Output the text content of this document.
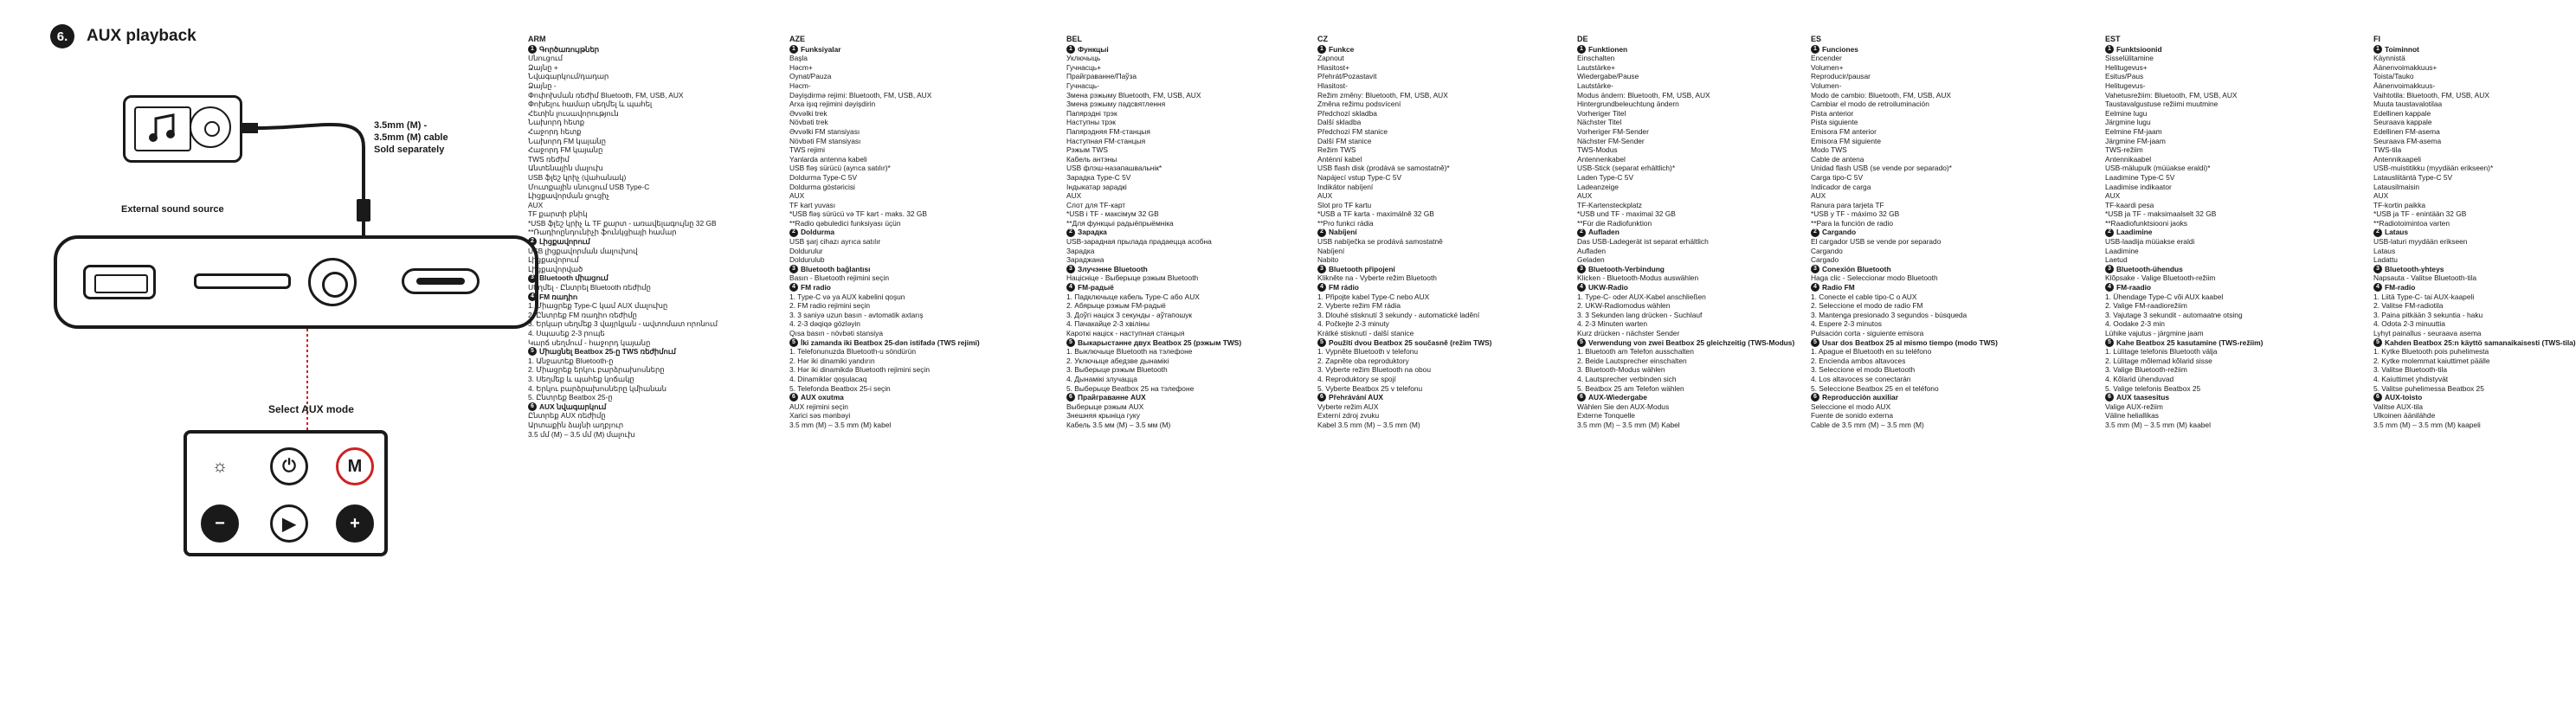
6.	AUX playback
External sound source
3.5mm (M) -
3.5mm (M) cable
Sold separately
Select AUX mode
☼	⏻	M
−	▶	+
ARM
1 Գործառույթներ
Սնուցում
Ձայնը +
Նվագարկում/դադար
Ձայնը -
Փոփոխման ռեժիմ Bluetooth, FM, USB, AUX
Փոխելու համար սեղմել և պահել
Հետին լուսավորություն
Նախորդ հետք
Հաջորդ հետք
Նախորդ FM կայանը
Հաջորդ FM կայանը
TWS ռեժիմ
Անտենային մալուխ
USB ֆլեշ կրիչ (վահանակ)
Մուտքային սնուցում USB Type-C
Լիցքավորման ցուցիչ
AUX
TF քարտի բնիկ
*USB ֆլեշ կրիչ և TF քարտ - առավելագույնը 32 GB
**Ռադիոընդունիչի ֆունկցիայի համար
2 Լիցքավորում
USB լիցքավորման մալուխով
Լիցքավորում
Լիցքավորված
3 Bluetooth միացում
Սեղմել - Ընտրել Bluetooth ռեժիմը
4 FM ռադիո
1. Միացրեք Type-C կամ AUX մալուխը
2. Ընտրեք FM ռադիո ռեժիմը
3. Երկար սեղմեք 3 վայրկյան - ավտոմատ որոնում
4. Սպասեք 2-3 րոպե
Կարճ սեղմում - հաջորդ կայանը
5 Միացնել Beatbox 25-ը TWS ռեժիմում
1. Անջատեք Bluetooth-ը
2. Միացրեք երկու բարձրախոսները
3. Սեղմեք և պահեք կոճակը
4. Երկու բարձրախոսները կմիանան
5. Ընտրեք Beatbox 25-ը
6 AUX նվագարկում
Ընտրեք AUX ռեժիմը
Արտաքին ձայնի աղբյուր
3.5 մմ (M) – 3.5 մմ (M) մալուխ
AZE
1 Funksiyalar
Başla
Həcm+
Oynat/Pauza
Həcm-
Dəyişdirmə rejimi: Bluetooth, FM, USB, AUX
Arxa işıq rejimini dəyişdirin
Əvvəlki trek
Növbəti trek
Əvvəlki FM stansiyası
Növbəti FM stansiyası
TWS rejimi
Yanlarda antenna kabeli
USB fləş sürücü (ayrıca satılır)*
Doldurma Type-C 5V
Doldurma göstəricisi
AUX
TF kart yuvası
*USB fləş sürücü və TF kart - maks. 32 GB
**Radio qəbuledici funksiyası üçün
2 Doldurma
USB şarj cihazı ayrıca satılır
Doldurulur
Doldurulub
3 Bluetooth bağlantısı
Basın - Bluetooth rejimini seçin
4 FM radio
1. Type-C və ya AUX kabelini qoşun
2. FM radio rejimini seçin
3. 3 saniyə uzun basın - avtomatik axtarış
4. 2-3 dəqiqə gözləyin
Qısa basın - növbəti stansiya
5 İki zamanda iki Beatbox 25-dən istifadə (TWS rejimi)
1. Telefonunuzda Bluetooth-u söndürün
2. Hər iki dinamiki yandırın
3. Hər iki dinamikdə Bluetooth rejimini seçin
4. Dinamiklər qoşulacaq
5. Telefonda Beatbox 25-i seçin
6 AUX oxutma
AUX rejimini seçin
Xarici səs mənbəyi
3.5 mm (M) – 3.5 mm (M) kabel
BEL
1 Функцыі
Уключыць
Гучнасць+
Прайграванне/Паўза
Гучнасць-
Змена рэжыму Bluetooth, FM, USB, AUX
Змена рэжыму падсвятлення
Папярэдні трэк
Наступны трэк
Папярэдняя FM-станцыя
Наступная FM-станцыя
Рэжым TWS
Кабель антэны
USB флэш-назапашвальнік*
Зарадка Type-C 5V
Індыкатар зарадкі
AUX
Слот для TF-карт
*USB і TF - максімум 32 GB
**Для функцыі радыёпрыёмніка
2 Зарадка
USB-зарадная прылада прадаецца асобна
Зарадка
Зараджана
3 Злучэнне Bluetooth
Націсніце - Выберыце рэжым Bluetooth
4 FM-радыё
1. Падключыце кабель Type-C або AUX
2. Абярыце рэжым FM-радыё
3. Доўгі націск 3 секунды - аўтапошук
4. Пачакайце 2-3 хвіліны
Кароткі націск - наступная станцыя
5 Выкарыстанне двух Beatbox 25 (рэжым TWS)
1. Выключыце Bluetooth на тэлефоне
2. Уключыце абедзве дынамікі
3. Выберыце рэжым Bluetooth
4. Дынамікі злучацца
5. Выберыце Beatbox 25 на тэлефоне
6 Прайграванне AUX
Выберыце рэжым AUX
Знешняя крыніца гуку
Кабель 3.5 мм (M) – 3.5 мм (M)
CZ
1 Funkce
Zapnout
Hlasitost+
Přehrát/Pozastavit
Hlasitost-
Režim změny: Bluetooth, FM, USB, AUX
Změna režimu podsvícení
Předchozí skladba
Další skladba
Předchozí FM stanice
Další FM stanice
Režim TWS
Anténní kabel
USB flash disk (prodává se samostatně)*
Napájecí vstup Type-C 5V
Indikátor nabíjení
AUX
Slot pro TF kartu
*USB a TF karta - maximálně 32 GB
**Pro funkci rádia
2 Nabíjení
USB nabíječka se prodává samostatně
Nabíjení
Nabito
3 Bluetooth připojení
Klikněte na - Vyberte režim Bluetooth
4 FM rádio
1. Připojte kabel Type-C nebo AUX
2. Vyberte režim FM rádia
3. Dlouhé stisknutí 3 sekundy - automatické ladění
4. Počkejte 2-3 minuty
Krátké stisknutí - další stanice
5 Použití dvou Beatbox 25 současně (režim TWS)
1. Vypněte Bluetooth v telefonu
2. Zapněte oba reproduktory
3. Vyberte režim Bluetooth na obou
4. Reproduktory se spojí
5. Vyberte Beatbox 25 v telefonu
6 Přehrávání AUX
Vyberte režim AUX
Externí zdroj zvuku
Kabel 3.5 mm (M) – 3.5 mm (M)
DE
1 Funktionen
Einschalten
Lautstärke+
Wiedergabe/Pause
Lautstärke-
Modus ändern: Bluetooth, FM, USB, AUX
Hintergrundbeleuchtung ändern
Vorheriger Titel
Nächster Titel
Vorheriger FM-Sender
Nächster FM-Sender
TWS-Modus
Antennenkabel
USB-Stick (separat erhältlich)*
Laden Type-C 5V
Ladeanzeige
AUX
TF-Kartensteckplatz
*USB und TF - maximal 32 GB
**Für die Radiofunktion
2 Aufladen
Das USB-Ladegerät ist separat erhältlich
Aufladen
Geladen
3 Bluetooth-Verbindung
Klicken - Bluetooth-Modus auswählen
4 UKW-Radio
1. Type-C- oder AUX-Kabel anschließen
2. UKW-Radiomodus wählen
3. 3 Sekunden lang drücken - Suchlauf
4. 2-3 Minuten warten
Kurz drücken - nächster Sender
5 Verwendung von zwei Beatbox 25 gleichzeitig (TWS-Modus)
1. Bluetooth am Telefon ausschalten
2. Beide Lautsprecher einschalten
3. Bluetooth-Modus wählen
4. Lautsprecher verbinden sich
5. Beatbox 25 am Telefon wählen
6 AUX-Wiedergabe
Wählen Sie den AUX-Modus
Externe Tonquelle
3.5 mm (M) – 3.5 mm (M) Kabel
ES
1 Funciones
Encender
Volumen+
Reproducir/pausar
Volumen-
Modo de cambio: Bluetooth, FM, USB, AUX
Cambiar el modo de retroiluminación
Pista anterior
Pista siguiente
Emisora FM anterior
Emisora FM siguiente
Modo TWS
Cable de antena
Unidad flash USB (se vende por separado)*
Carga tipo-C 5V
Indicador de carga
AUX
Ranura para tarjeta TF
*USB y TF - máximo 32 GB
**Para la función de radio
2 Cargando
El cargador USB se vende por separado
Cargando
Cargado
3 Conexión Bluetooth
Haga clic - Seleccionar modo Bluetooth
4 Radio FM
1. Conecte el cable tipo-C o AUX
2. Seleccione el modo de radio FM
3. Mantenga presionado 3 segundos - búsqueda
4. Espere 2-3 minutos
Pulsación corta - siguiente emisora
5 Usar dos Beatbox 25 al mismo tiempo (modo TWS)
1. Apague el Bluetooth en su teléfono
2. Encienda ambos altavoces
3. Seleccione el modo Bluetooth
4. Los altavoces se conectarán
5. Seleccione Beatbox 25 en el teléfono
6 Reproducción auxiliar
Seleccione el modo AUX
Fuente de sonido externa
Cable de 3.5 mm (M) – 3.5 mm (M)
EST
1 Funktsioonid
Sisselülitamine
Helitugevus+
Esitus/Paus
Helitugevus-
Vahetusrežiim: Bluetooth, FM, USB, AUX
Taustavalgustuse režiimi muutmine
Eelmine lugu
Järgmine lugu
Eelmine FM-jaam
Järgmine FM-jaam
TWS-režiim
Antennikaabel
USB-mälupulk (müüakse eraldi)*
Laadimine Type-C 5V
Laadimise indikaator
AUX
TF-kaardi pesa
*USB ja TF - maksimaalselt 32 GB
**Raadiofunktsiooni jaoks
2 Laadimine
USB-laadija müüakse eraldi
Laadimine
Laetud
3 Bluetooth-ühendus
Klõpsake - Valige Bluetooth-režiim
4 FM-raadio
1. Ühendage Type-C või AUX kaabel
2. Valige FM-raadiorežiim
3. Vajutage 3 sekundit - automaatne otsing
4. Oodake 2-3 min
Lühike vajutus - järgmine jaam
5 Kahe Beatbox 25 kasutamine (TWS-režiim)
1. Lülitage telefonis Bluetooth välja
2. Lülitage mõlemad kõlarid sisse
3. Valige Bluetooth-režiim
4. Kõlarid ühenduvad
5. Valige telefonis Beatbox 25
6 AUX taasesitus
Valige AUX-režiim
Väline heliallikas
3.5 mm (M) – 3.5 mm (M) kaabel
FI
1 Toiminnot
Käynnistä
Äänenvoimakkuus+
Toista/Tauko
Äänenvoimakkuus-
Vaihtotila: Bluetooth, FM, USB, AUX
Muuta taustavalotilaa
Edellinen kappale
Seuraava kappale
Edellinen FM-asema
Seuraava FM-asema
TWS-tila
Antennikaapeli
USB-muistitikku (myydään erikseen)*
Latausliitäntä Type-C 5V
Latausilmaisin
AUX
TF-kortin paikka
*USB ja TF - enintään 32 GB
**Radiotoimintoa varten
2 Lataus
USB-laturi myydään erikseen
Lataus
Ladattu
3 Bluetooth-yhteys
Napsauta - Valitse Bluetooth-tila
4 FM-radio
1. Liitä Type-C- tai AUX-kaapeli
2. Valitse FM-radiotila
3. Paina pitkään 3 sekuntia - haku
4. Odota 2-3 minuuttia
Lyhyt painallus - seuraava asema
5 Kahden Beatbox 25:n käyttö samanaikaisesti (TWS-tila)
1. Kytke Bluetooth pois puhelimesta
2. Kytke molemmat kaiuttimet päälle
3. Valitse Bluetooth-tila
4. Kaiuttimet yhdistyvät
5. Valitse puhelimessa Beatbox 25
6 AUX-toisto
Valitse AUX-tila
Ulkoinen äänilähde
3.5 mm (M) – 3.5 mm (M) kaapeli
